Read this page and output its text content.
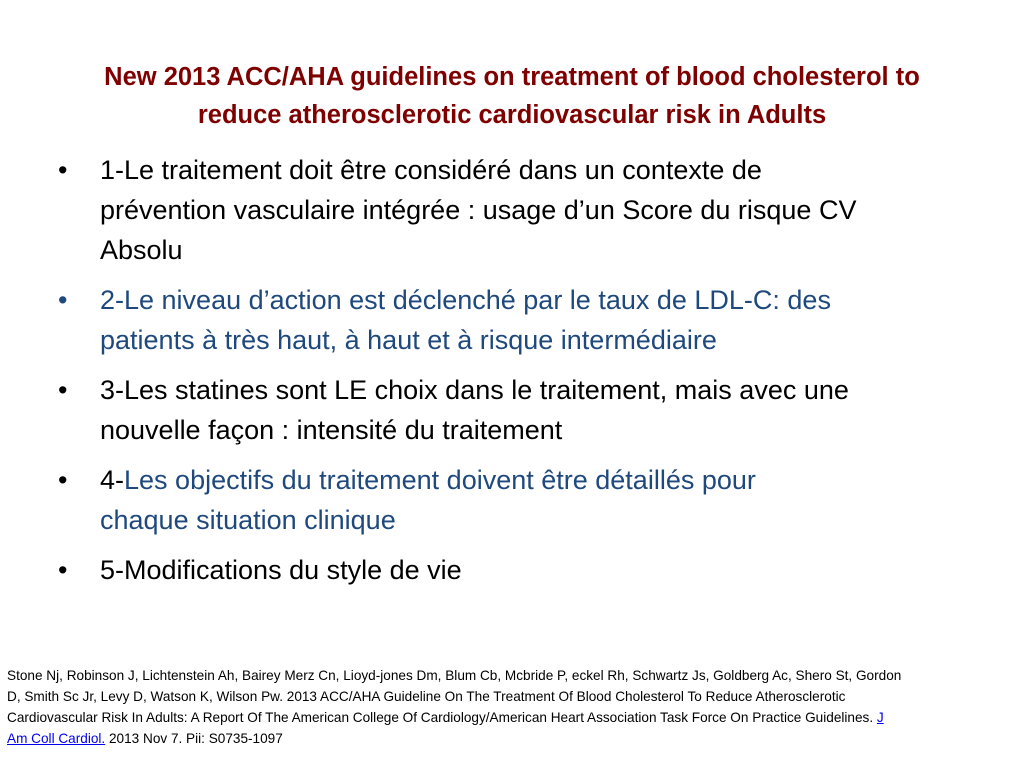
New 2013 ACC/AHA guidelines on treatment of blood cholesterol to
reduce atherosclerotic cardiovascular risk in Adults
• 1-Le traitement doit être considéré dans un contexte de
prévention vasculaire intégrée : usage d’un Score du risque CV
Absolu
• 2-Le niveau d’action est déclenché par le taux de LDL-C: des
patients à très haut, à haut et à risque intermédiaire
• 3-Les statines sont LE choix dans le traitement, mais avec une
nouvelle façon : intensité du traitement
• 4-Les objectifs du traitement doivent être détaillés pour
chaque situation clinique
• 5-Modifications du style de vie
Stone Nj, Robinson J, Lichtenstein Ah, Bairey Merz Cn, Lioyd-jones Dm, Blum Cb, Mcbride P, eckel Rh, Schwartz Js, Goldberg Ac, Shero St, Gordon
D, Smith Sc Jr, Levy D, Watson K, Wilson Pw. 2013 ACC/AHA Guideline On The Treatment Of Blood Cholesterol To Reduce Atherosclerotic
Cardiovascular Risk In Adults: A Report Of The American College Of Cardiology/American Heart Association Task Force On Practice Guidelines. J
Am Coll Cardiol. 2013 Nov 7. Pii: S0735-1097
